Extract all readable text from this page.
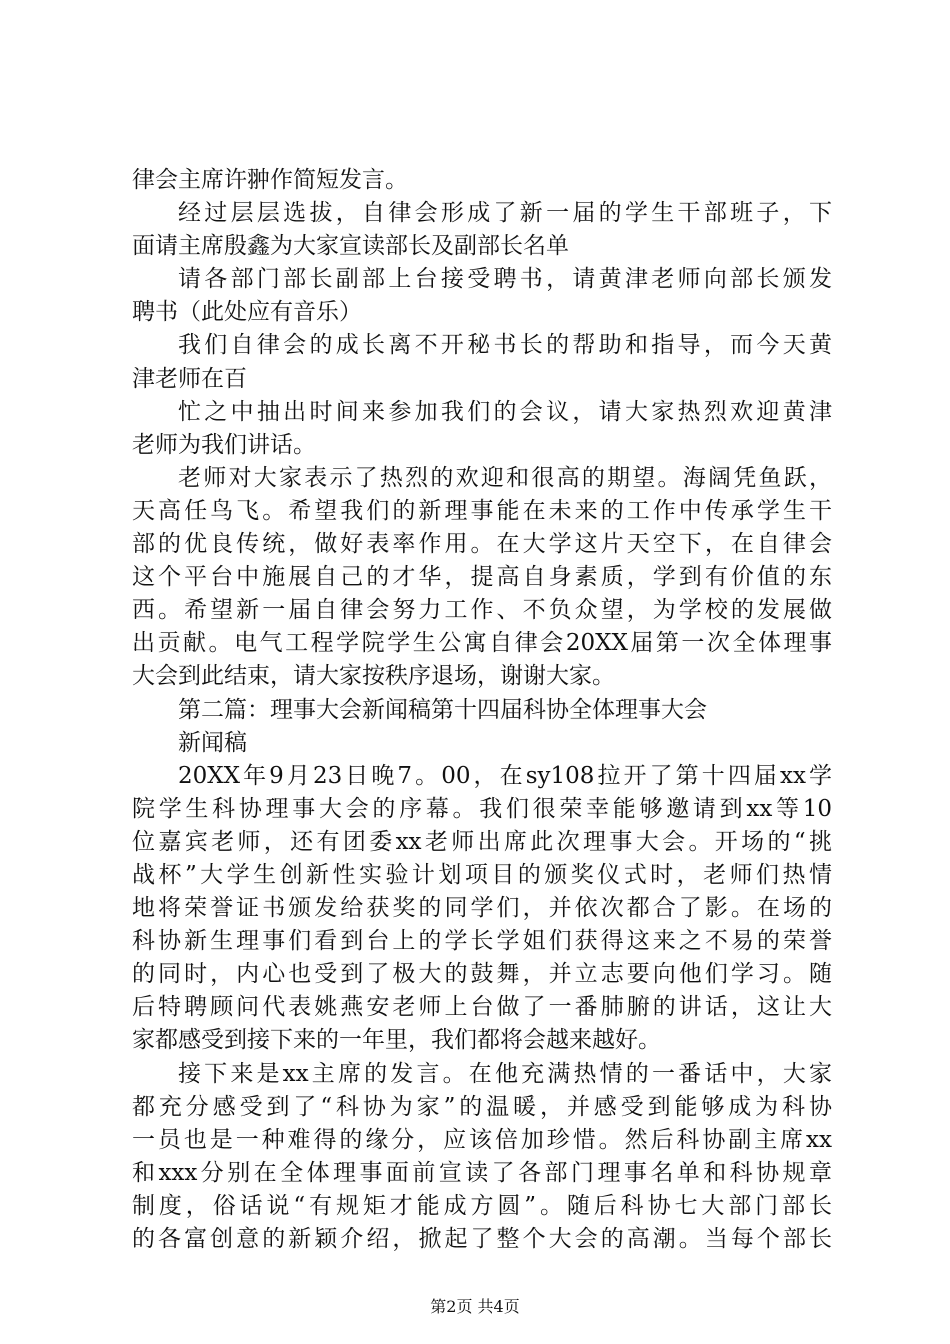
律会主席许翀作简短发言。
经过层层选拔，自律会形成了新一届的学生干部班子，下
面请主席殷鑫为大家宣读部长及副部长名单
请各部门部长副部上台接受聘书，请黄津老师向部长颁发
聘书（此处应有音乐）
我们自律会的成长离不开秘书长的帮助和指导，而今天黄
津老师在百
忙之中抽出时间来参加我们的会议，请大家热烈欢迎黄津
老师为我们讲话。
老师对大家表示了热烈的欢迎和很高的期望。海阔凭鱼跃，
天高任鸟飞。希望我们的新理事能在未来的工作中传承学生干
部的优良传统，做好表率作用。在大学这片天空下，在自律会
这个平台中施展自己的才华，提高自身素质，学到有价值的东
西。希望新一届自律会努力工作、不负众望，为学校的发展做
出贡献。电气工程学院学生公寓自律会20XX届第一次全体理事
大会到此结束，请大家按秩序退场，谢谢大家。
第二篇：理事大会新闻稿第十四届科协全体理事大会
新闻稿
20XX年9月23日晚7。00，在sy108拉开了第十四届xx学
院学生科协理事大会的序幕。我们很荣幸能够邀请到xx等10
位嘉宾老师，还有团委xx老师出席此次理事大会。开场的“挑
战杯”大学生创新性实验计划项目的颁奖仪式时，老师们热情
地将荣誉证书颁发给获奖的同学们，并依次都合了影。在场的
科协新生理事们看到台上的学长学姐们获得这来之不易的荣誉
的同时，内心也受到了极大的鼓舞，并立志要向他们学习。随
后特聘顾问代表姚燕安老师上台做了一番肺腑的讲话，这让大
家都感受到接下来的一年里，我们都将会越来越好。
接下来是xx主席的发言。在他充满热情的一番话中，大家
都充分感受到了“科协为家”的温暖，并感受到能够成为科协
一员也是一种难得的缘分，应该倍加珍惜。然后科协副主席xx
和xxx分别在全体理事面前宣读了各部门理事名单和科协规章
制度，俗话说“有规矩才能成方圆”。随后科协七大部门部长
的各富创意的新颖介绍，掀起了整个大会的高潮。当每个部长
第2页 共4页
